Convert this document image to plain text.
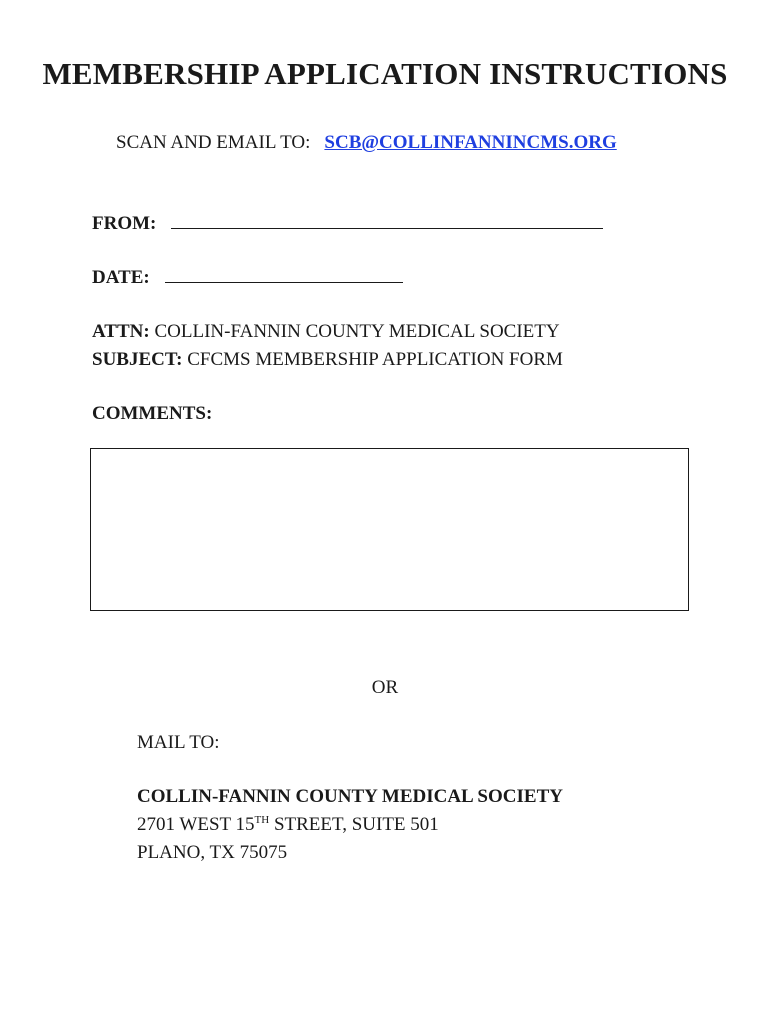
MEMBERSHIP APPLICATION INSTRUCTIONS
SCAN AND EMAIL TO: SCB@COLLINFANNINCMS.ORG
FROM:
DATE:
ATTN: COLLIN-FANNIN COUNTY MEDICAL SOCIETY
SUBJECT: CFCMS MEMBERSHIP APPLICATION FORM
COMMENTS:
OR
MAIL TO:
COLLIN-FANNIN COUNTY MEDICAL SOCIETY
2701 WEST 15TH STREET, SUITE 501
PLANO, TX 75075
